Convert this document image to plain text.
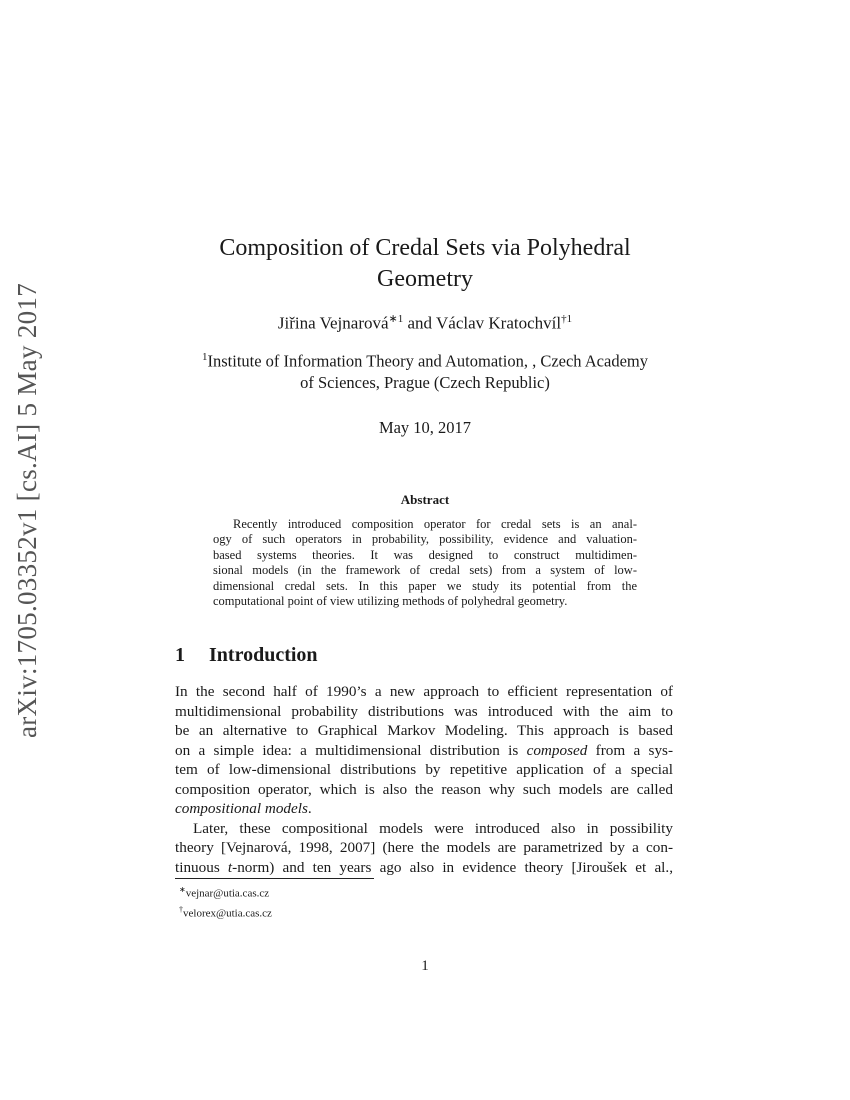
arXiv:1705.03352v1 [cs.AI] 5 May 2017
Composition of Credal Sets via Polyhedral
Geometry
Jiřina Vejnarová$^{∗1}$ and Václav Kratochvíl$^{\dagger 1}$
$^1$Institute of Information Theory and Automation, , Czech Academy
of Sciences, Prague (Czech Republic)
May 10, 2017
Abstract
Recently introduced composition operator for credal sets is an anal-
ogy of such operators in probability, possibility, evidence and valuation-
based systems theories. It was designed to construct multidimen-
sional models (in the framework of credal sets) from a system of low-
dimensional credal sets. In this paper we study its potential from the
computational point of view utilizing methods of polyhedral geometry.
1 Introduction
In the second half of 1990’s a new approach to efficient representation of
multidimensional probability distributions was introduced with the aim to
be an alternative to Graphical Markov Modeling. This approach is based
on a simple idea: a multidimensional distribution is composed from a sys-
tem of low-dimensional distributions by repetitive application of a special
composition operator, which is also the reason why such models are called
compositional models.
Later, these compositional models were introduced also in possibility
theory [Vejnarová, 1998, 2007] (here the models are parametrized by a con-
tinuous t-norm) and ten years ago also in evidence theory [Jiroušek et al.,
∗vejnar@utia.cas.cz
†velorex@utia.cas.cz
1
